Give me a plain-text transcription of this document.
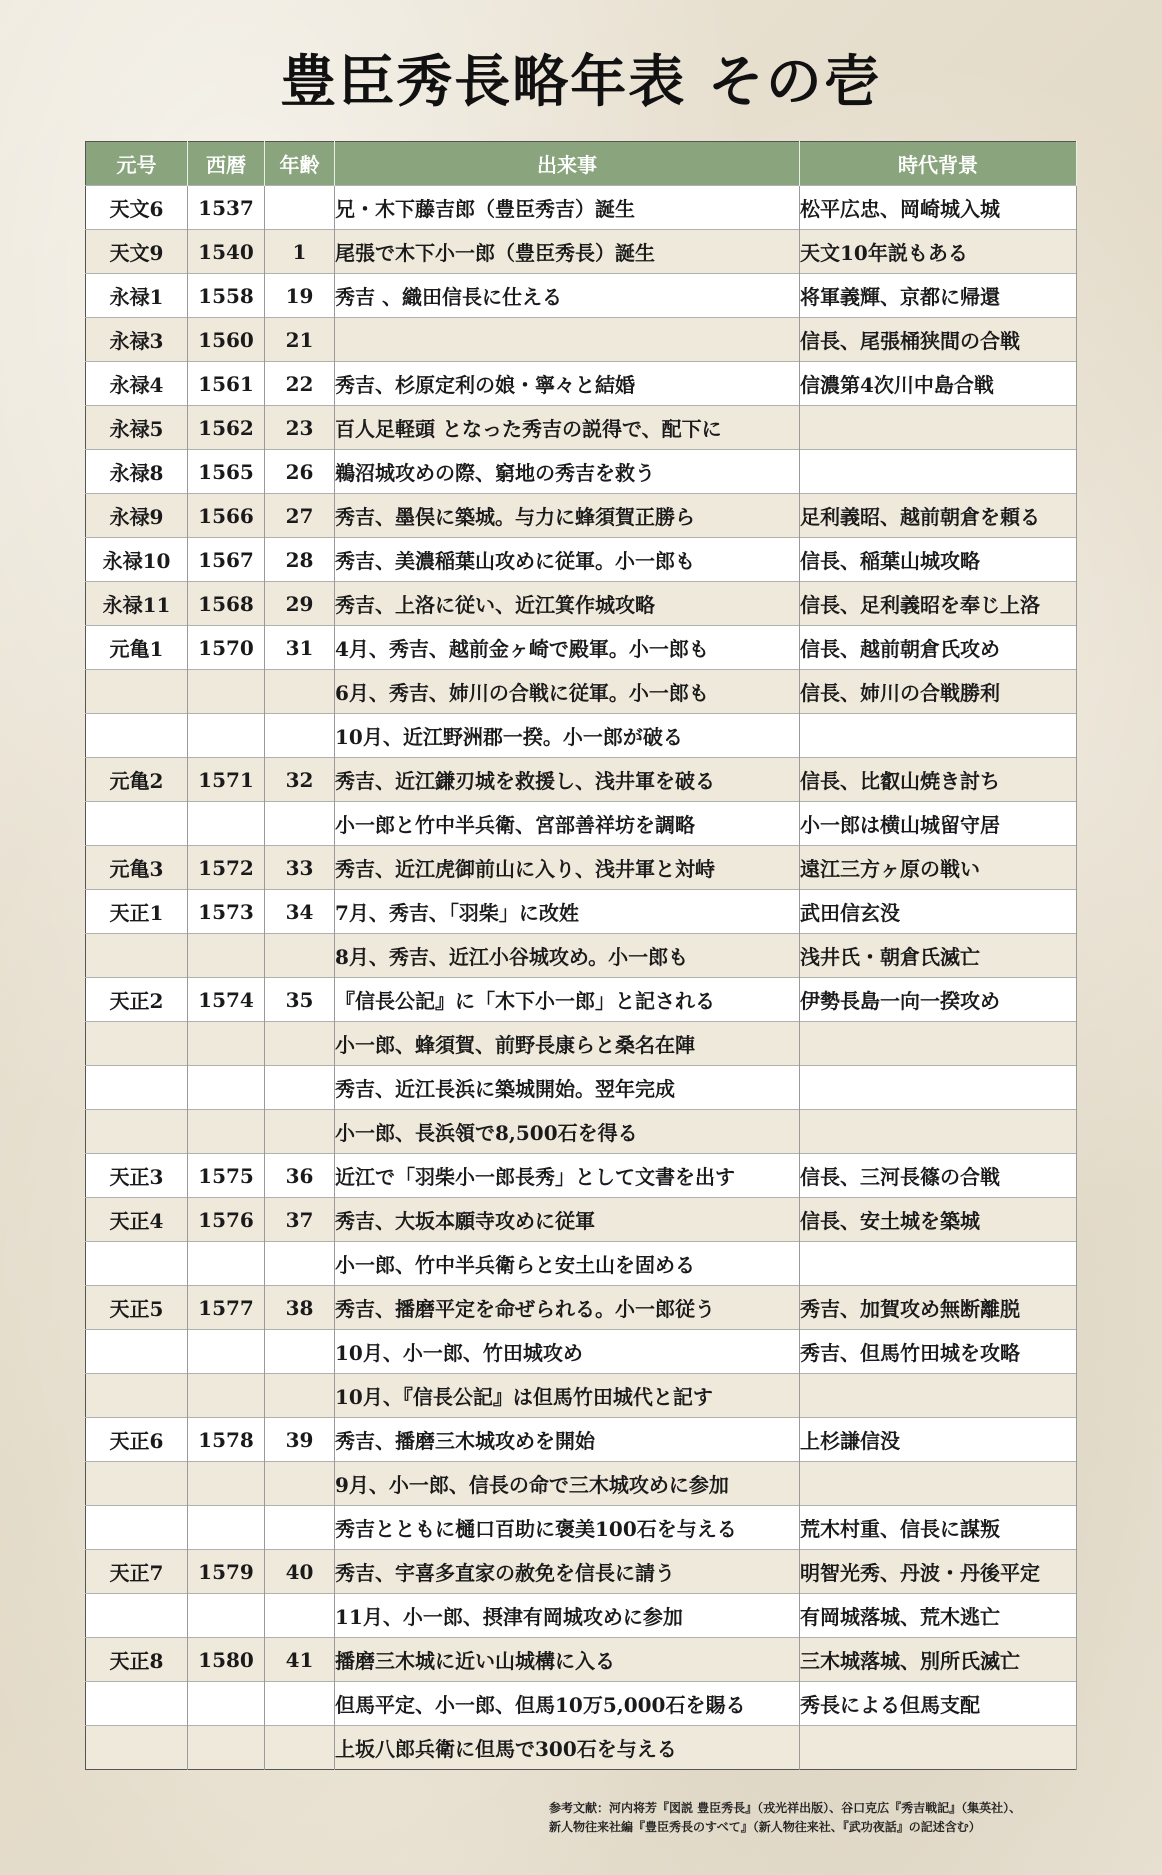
豊臣秀長略年表 その壱
元号	西暦	年齢	出来事	時代背景
天文6	1537		兄・木下藤吉郎（豊臣秀吉）誕生	松平広忠、岡崎城入城
天文9	1540	1	尾張で木下小一郎（豊臣秀長）誕生	天文10年説もある
永禄1	1558	19	秀吉 、織田信長に仕える	将軍義輝、京都に帰還
永禄3	1560	21		信長、尾張桶狭間の合戦
永禄4	1561	22	秀吉、杉原定利の娘・寧々と結婚	信濃第4次川中島合戦
永禄5	1562	23	百人足軽頭 となった秀吉の説得で、配下に	
永禄8	1565	26	鵜沼城攻めの際、窮地の秀吉を救う	
永禄9	1566	27	秀吉、墨俣に築城。与力に蜂須賀正勝ら	足利義昭、越前朝倉を頼る
永禄10	1567	28	秀吉、美濃稲葉山攻めに従軍。小一郎も	信長、稲葉山城攻略
永禄11	1568	29	秀吉、上洛に従い、近江箕作城攻略	信長、足利義昭を奉じ上洛
元亀1	1570	31	4月、秀吉、越前金ヶ崎で殿軍。小一郎も	信長、越前朝倉氏攻め
			6月、秀吉、姉川の合戦に従軍。小一郎も	信長、姉川の合戦勝利
			10月、近江野洲郡一揆。小一郎が破る	
元亀2	1571	32	秀吉、近江鎌刃城を救援し、浅井軍を破る	信長、比叡山焼き討ち
			小一郎と竹中半兵衛、宮部善祥坊を調略	小一郎は横山城留守居
元亀3	1572	33	秀吉、近江虎御前山に入り、浅井軍と対峙	遠江三方ヶ原の戦い
天正1	1573	34	7月、秀吉、「羽柴」に改姓	武田信玄没
			8月、秀吉、近江小谷城攻め。小一郎も	浅井氏・朝倉氏滅亡
天正2	1574	35	『信長公記』に「木下小一郎」と記される	伊勢長島一向一揆攻め
			小一郎、蜂須賀、前野長康らと桑名在陣	
			秀吉、近江長浜に築城開始。翌年完成	
			小一郎、長浜領で8,500石を得る	
天正3	1575	36	近江で「羽柴小一郎長秀」として文書を出す	信長、三河長篠の合戦
天正4	1576	37	秀吉、大坂本願寺攻めに従軍	信長、安土城を築城
			小一郎、竹中半兵衛らと安土山を固める	
天正5	1577	38	秀吉、播磨平定を命ぜられる。小一郎従う	秀吉、加賀攻め無断離脱
			10月、小一郎、竹田城攻め	秀吉、但馬竹田城を攻略
			10月、『信長公記』は但馬竹田城代と記す	
天正6	1578	39	秀吉、播磨三木城攻めを開始	上杉謙信没
			9月、小一郎、信長の命で三木城攻めに参加	
			秀吉とともに樋口百助に褒美100石を与える	荒木村重、信長に謀叛
天正7	1579	40	秀吉、宇喜多直家の赦免を信長に請う	明智光秀、丹波・丹後平定
			11月、小一郎、摂津有岡城攻めに参加	有岡城落城、荒木逃亡
天正8	1580	41	播磨三木城に近い山城構に入る	三木城落城、別所氏滅亡
			但馬平定、小一郎、但馬10万5,000石を賜る	秀長による但馬支配
			上坂八郎兵衛に但馬で300石を与える	
参考文献：河内将芳『図説 豊臣秀長』（戎光祥出版）、谷口克広『秀吉戦記』（集英社）、
新人物往来社編『豊臣秀長のすべて』（新人物往来社、『武功夜話』の記述含む）
